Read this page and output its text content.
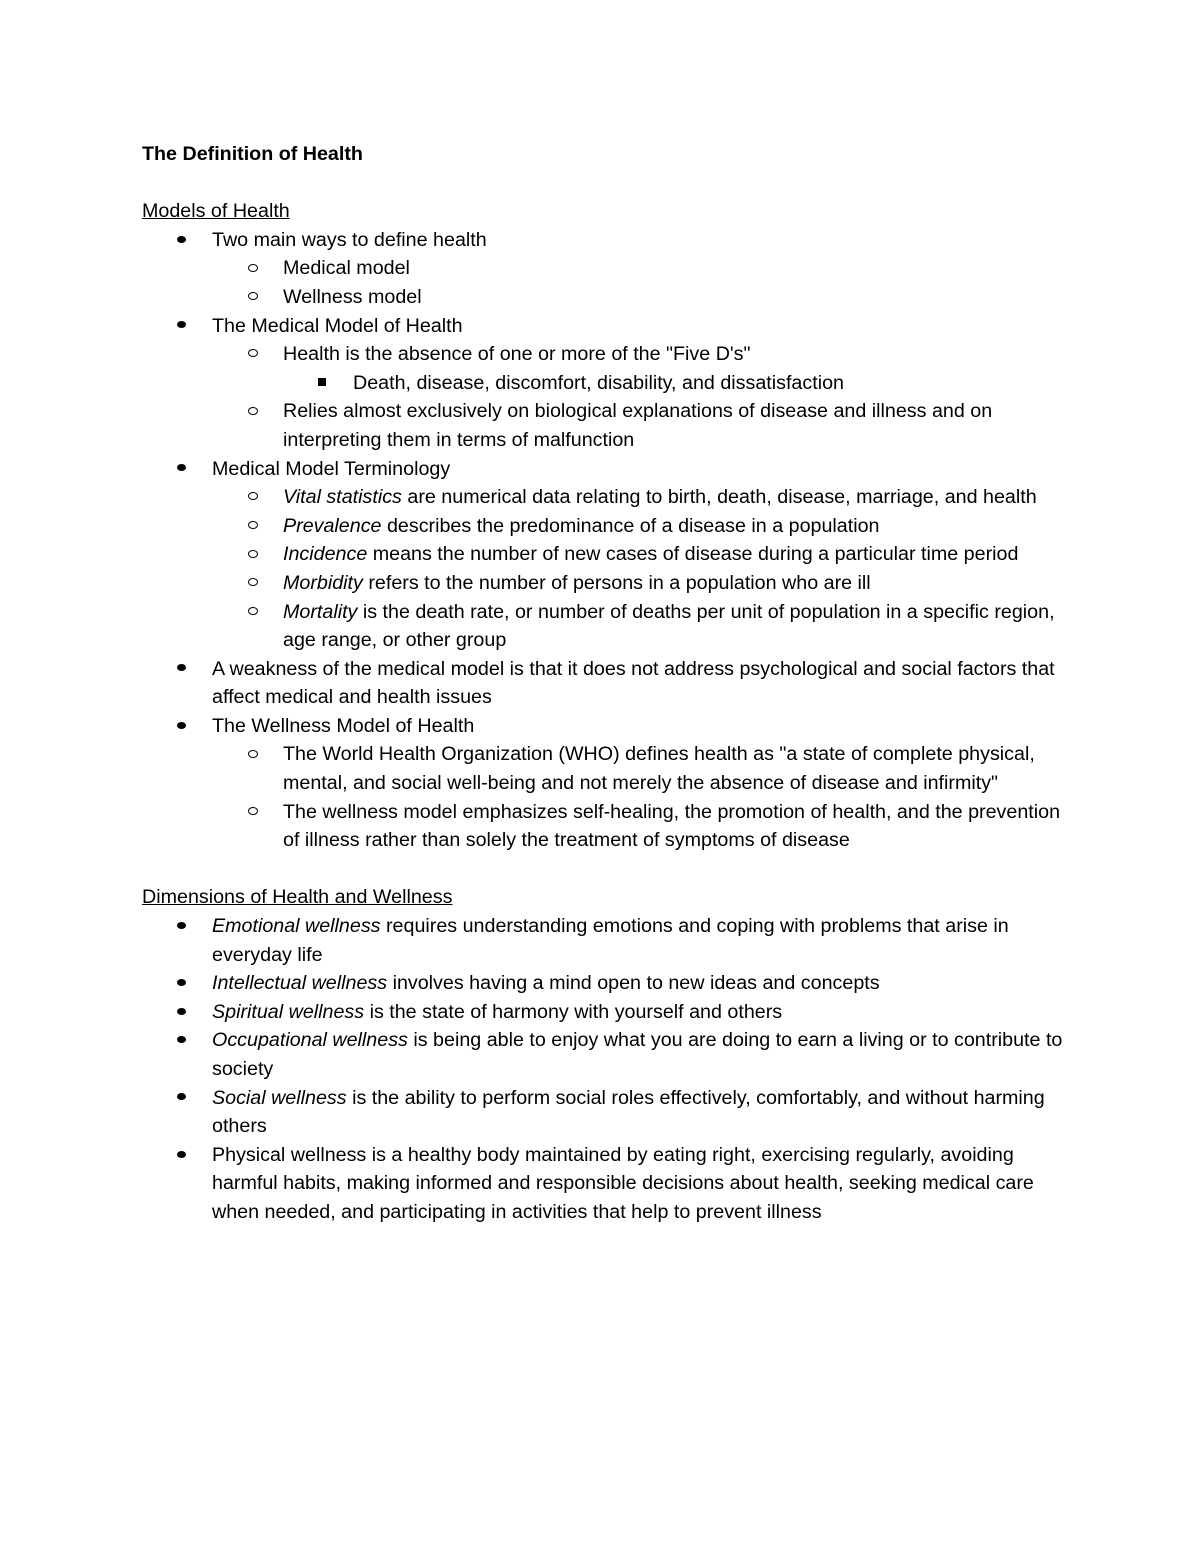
The Definition of Health
Models of Health
Two main ways to define health
Medical model
Wellness model
The Medical Model of Health
Health is the absence of one or more of the "Five D's"
Death, disease, discomfort, disability, and dissatisfaction
Relies almost exclusively on biological explanations of disease and illness and on interpreting them in terms of malfunction
Medical Model Terminology
Vital statistics are numerical data relating to birth, death, disease, marriage, and health
Prevalence describes the predominance of a disease in a population
Incidence means the number of new cases of disease during a particular time period
Morbidity refers to the number of persons in a population who are ill
Mortality is the death rate, or number of deaths per unit of population in a specific region, age range, or other group
A weakness of the medical model is that it does not address psychological and social factors that affect medical and health issues
The Wellness Model of Health
The World Health Organization (WHO) defines health as "a state of complete physical, mental, and social well-being and not merely the absence of disease and infirmity"
The wellness model emphasizes self-healing, the promotion of health, and the prevention of illness rather than solely the treatment of symptoms of disease
Dimensions of Health and Wellness
Emotional wellness requires understanding emotions and coping with problems that arise in everyday life
Intellectual wellness involves having a mind open to new ideas and concepts
Spiritual wellness is the state of harmony with yourself and others
Occupational wellness is being able to enjoy what you are doing to earn a living or to contribute to society
Social wellness is the ability to perform social roles effectively, comfortably, and without harming others
Physical wellness is a healthy body maintained by eating right, exercising regularly, avoiding harmful habits, making informed and responsible decisions about health, seeking medical care when needed, and participating in activities that help to prevent illness
